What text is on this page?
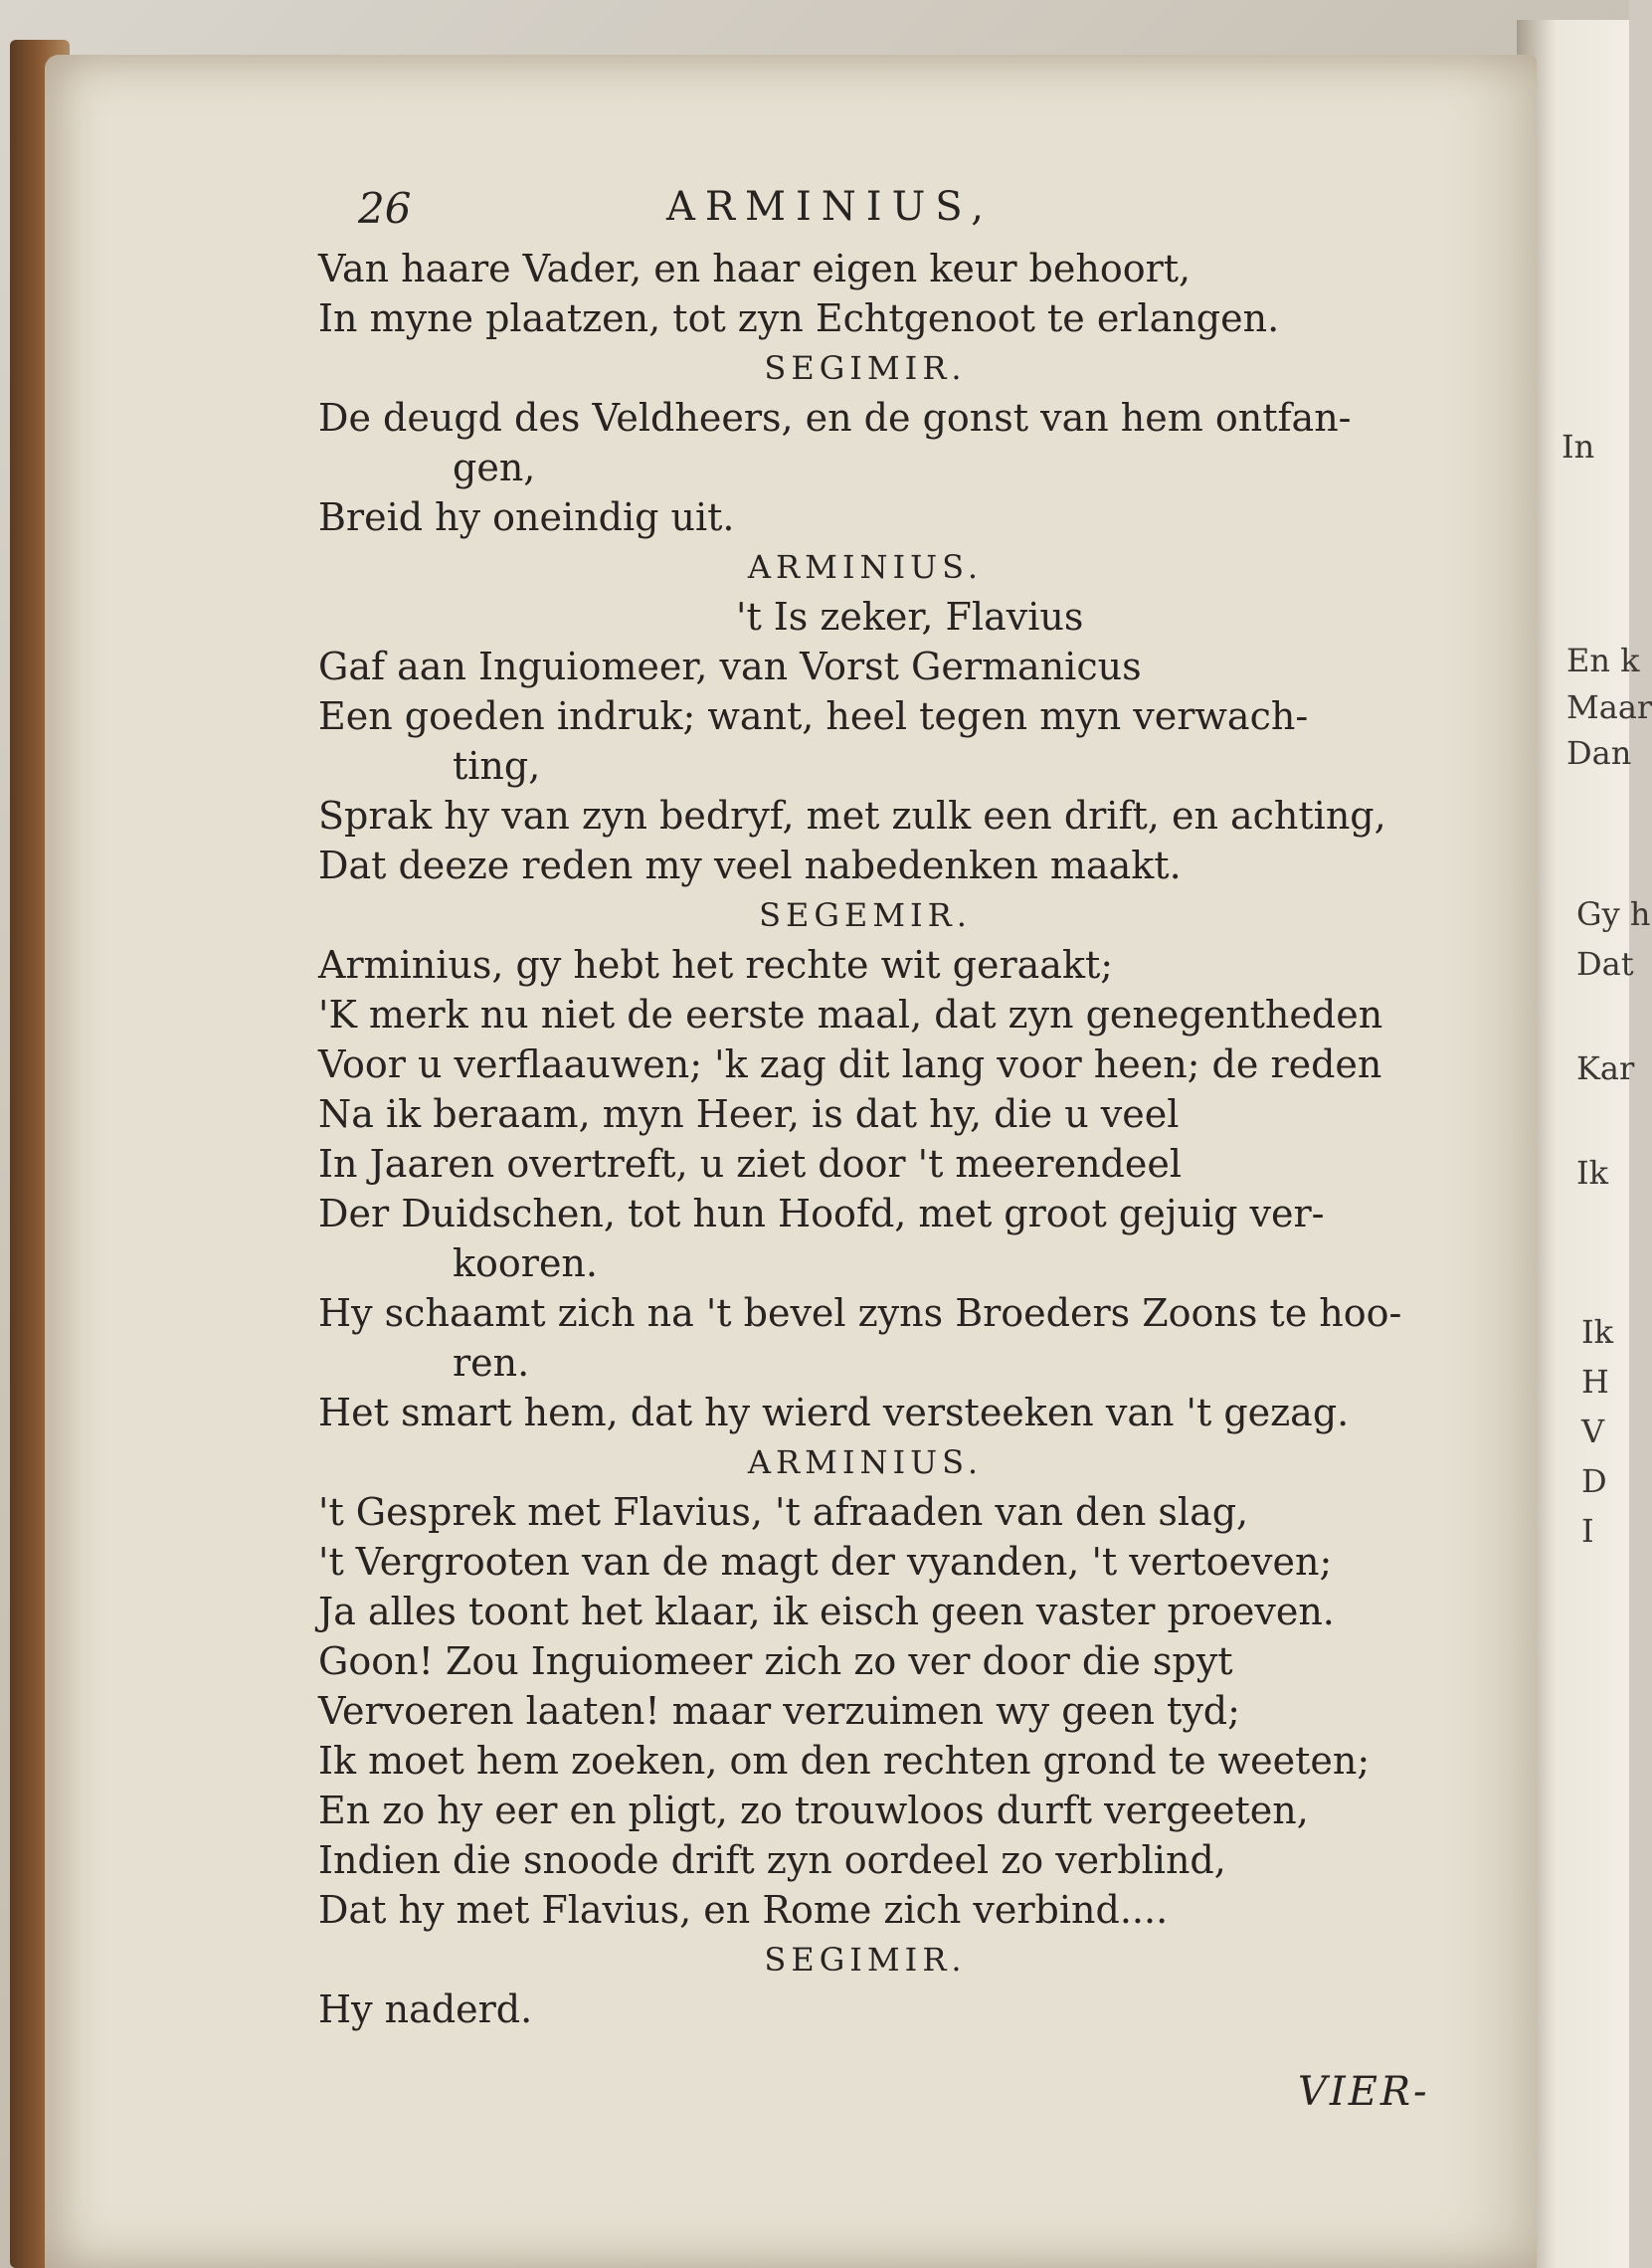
In
En k
Maar
Dan
Gy h
Dat
Kar
Ik
Ik
H
V
D
I
26	ARMINIUS,
Van haare Vader, en haar eigen keur behoort,
In myne plaatzen, tot zyn Echtgenoot te erlangen.
SEGIMIR.
De deugd des Veldheers, en de gonst van hem ontfan-
gen,
Breid hy oneindig uit.
ARMINIUS.
't Is zeker, Flavius
Gaf aan Inguiomeer, van Vorst Germanicus
Een goeden indruk; want, heel tegen myn verwach-
ting,
Sprak hy van zyn bedryf, met zulk een drift, en achting,
Dat deeze reden my veel nabedenken maakt.
SEGEMIR.
Arminius, gy hebt het rechte wit geraakt;
'K merk nu niet de eerste maal, dat zyn genegentheden
Voor u verflaauwen; 'k zag dit lang voor heen; de reden
Na ik beraam, myn Heer, is dat hy, die u veel
In Jaaren overtreft, u ziet door 't meerendeel
Der Duidschen, tot hun Hoofd, met groot gejuig ver-
kooren.
Hy schaamt zich na 't bevel zyns Broeders Zoons te hoo-
ren.
Het smart hem, dat hy wierd versteeken van 't gezag.
ARMINIUS.
't Gesprek met Flavius, 't afraaden van den slag,
't Vergrooten van de magt der vyanden, 't vertoeven;
Ja alles toont het klaar, ik eisch geen vaster proeven.
Goon! Zou Inguiomeer zich zo ver door die spyt
Vervoeren laaten! maar verzuimen wy geen tyd;
Ik moet hem zoeken, om den rechten grond te weeten;
En zo hy eer en pligt, zo trouwloos durft vergeeten,
Indien die snoode drift zyn oordeel zo verblind,
Dat hy met Flavius, en Rome zich verbind....
SEGIMIR.
Hy naderd.
VIER-
